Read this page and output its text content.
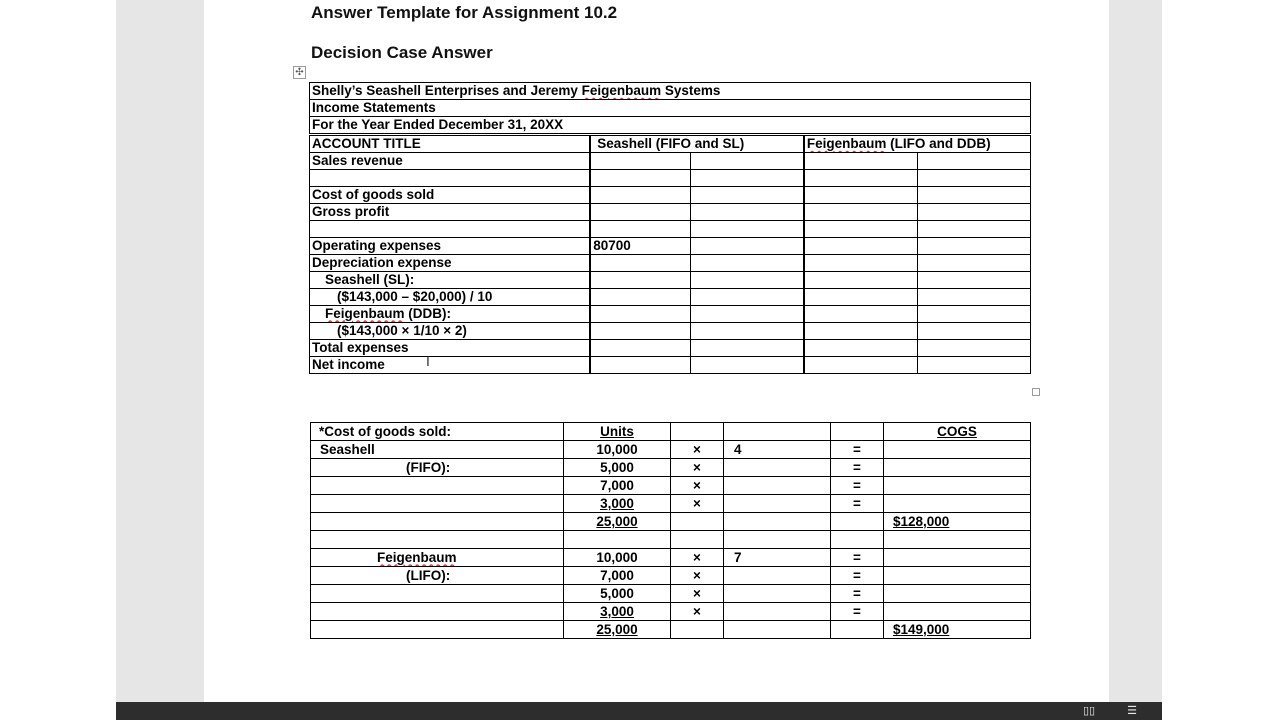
Answer Template for Assignment 10.2
Decision Case Answer
✣
Shelly’s Seashell Enterprises and Jeremy Feigenbaum Systems				
Income Statements				
For the Year Ended December 31, 20XX				
ACCOUNT TITLE	Seashell (FIFO and SL)		Feigenbaum (LIFO and DDB)	
Sales revenue				

Cost of goods sold				
Gross profit				

Operating expenses	80700			
Depreciation expense				
Seashell (SL):				
($143,000 – $20,000) / 10				
Feigenbaum (DDB):				
($143,000 × 1/10 × 2)				
Total expenses				
Net income					I
*Cost of goods sold:	Units				COGS
Seashell	10,000	×	4	=	
(FIFO):	5,000	×		=	
	7,000	×		=	
	3,000	×		=	
	25,000				$128,000

Feigenbaum	10,000	×	7	=	
(LIFO):	7,000	×		=	
	5,000	×		=	
	3,000	×		=	
	25,000				$149,000
▯▯	☰
